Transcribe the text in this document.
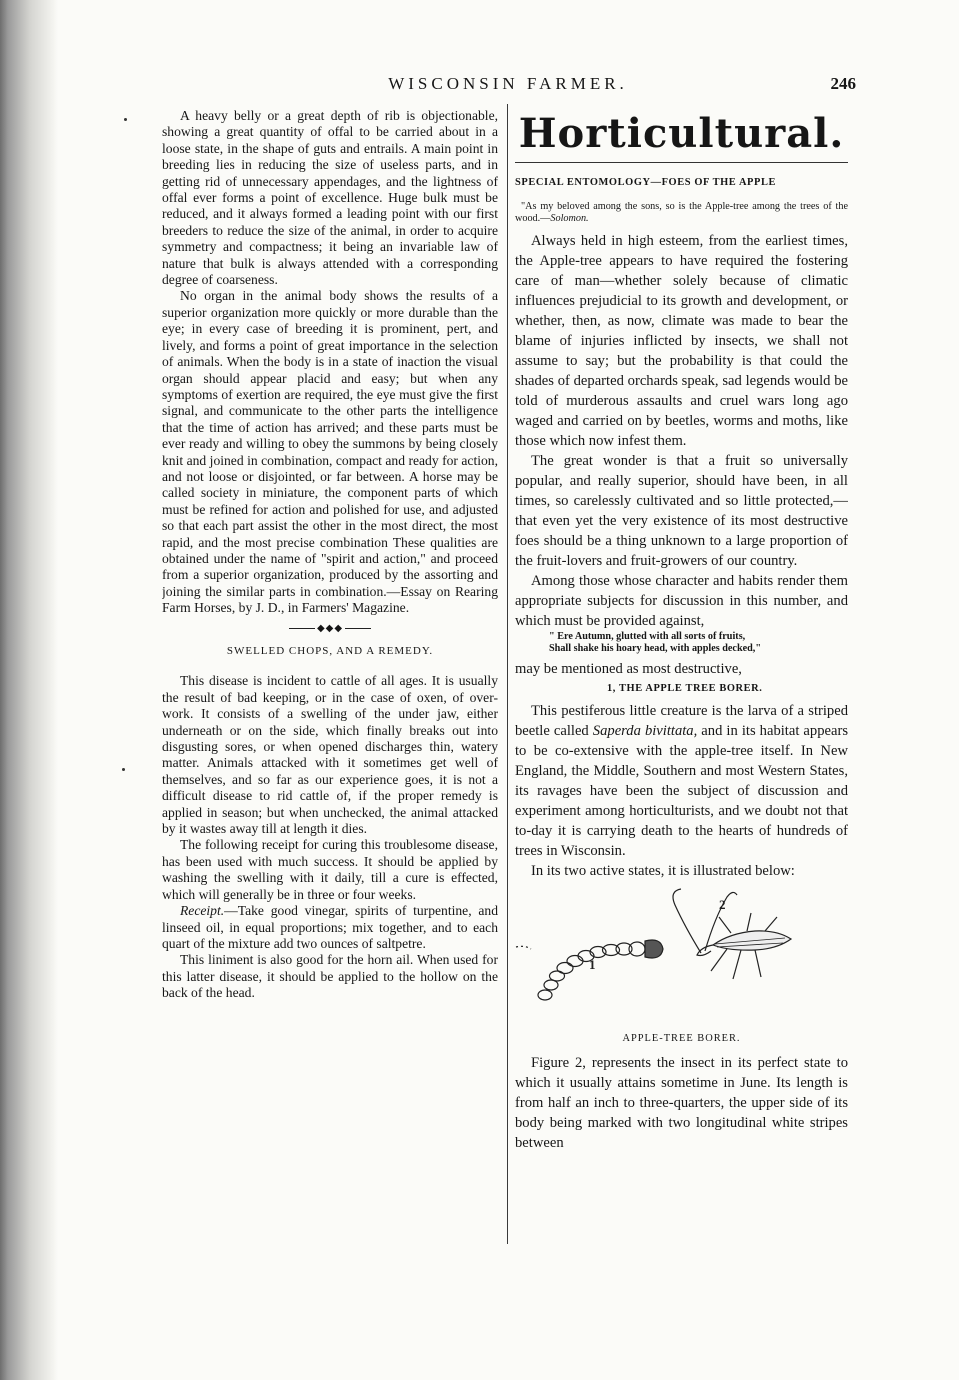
WISCONSIN FARMER.	246

A heavy belly or a great depth of rib is objectionable, showing a great quantity of offal to be carried about in a loose state, in the shape of guts and entrails. A main point in breeding lies in reducing the size of useless parts, and in getting rid of unnecessary appendages, and the lightness of offal ever forms a point of excellence. Huge bulk must be reduced, and it always formed a leading point with our first breeders to reduce the size of the animal, in order to acquire symmetry and compactness; it being an invariable law of nature that bulk is always attended with a corresponding degree of coarseness.

No organ in the animal body shows the results of a superior organization more quickly or more durable than the eye; in every case of breeding it is prominent, pert, and lively, and forms a point of great importance in the selection of animals. When the body is in a state of inaction the visual organ should appear placid and easy; but when any symptoms of exertion are required, the eye must give the first signal, and communicate to the other parts the intelligence that the time of action has arrived; and these parts must be ever ready and willing to obey the summons by being closely knit and joined in combination, compact and ready for action, and not loose or disjointed, or far between. A horse may be called society in miniature, the component parts of which must be refined for action and polished for use, and adjusted so that each part assist the other in the most direct, the most rapid, and the most precise combination These qualities are obtained under the name of "spirit and action," and proceed from a superior organization, produced by the assorting and joining the similar parts in combination.—Essay on Rearing Farm Horses, by J. D., in Farmers' Magazine.

◆◆◆
SWELLED CHOPS, AND A REMEDY.

This disease is incident to cattle of all ages. It is usually the result of bad keeping, or in the case of oxen, of over-work. It consists of a swelling of the under jaw, either underneath or on the side, which finally breaks out into disgusting sores, or when opened discharges thin, watery matter. Animals attacked with it sometimes get well of themselves, and so far as our experience goes, it is not a difficult disease to rid cattle of, if the proper remedy is applied in season; but when unchecked, the animal attacked by it wastes away till at length it dies.

The following receipt for curing this troublesome disease, has been used with much success. It should be applied by washing the swelling with it daily, till a cure is effected, which will generally be in three or four weeks.

Receipt.—Take good vinegar, spirits of turpentine, and linseed oil, in equal proportions; mix together, and to each quart of the mixture add two ounces of saltpetre.

This liniment is also good for the horn ail. When used for this latter disease, it should be applied to the hollow on the back of the head.

Horticultural.
SPECIAL ENTOMOLOGY—FOES OF THE APPLE
"As my beloved among the sons, so is the Apple-tree among the trees of the wood.—Solomon.

Always held in high esteem, from the earliest times, the Apple-tree appears to have required the fostering care of man—whether solely because of climatic influences prejudicial to its growth and development, or whether, then, as now, climate was made to bear the blame of injuries inflicted by insects, we shall not assume to say; but the probability is that could the shades of departed orchards speak, sad legends would be told of murderous assaults and cruel wars long ago waged and carried on by beetles, worms and moths, like those which now infest them.

The great wonder is that a fruit so universally popular, and really superior, should have been, in all times, so carelessly cultivated and so little protected,—that even yet the very existence of its most destructive foes should be a thing unknown to a large proportion of the fruit-lovers and fruit-growers of our country.

Among those whose character and habits render them appropriate subjects for discussion in this number, and which must be provided against,

" Ere Autumn, glutted with all sorts of fruits,
Shall shake his hoary head, with apples decked,"

may be mentioned as most destructive,

1, THE APPLE TREE BORER.

This pestiferous little creature is the larva of a striped beetle called Saperda bivittata, and in its habitat appears to be co-extensive with the apple-tree itself. In New England, the Middle, Southern and most Western States, its ravages have been the subject of discussion and experiment among horticulturists, and we doubt not that to-day it is carrying death to the hearts of hundreds of trees in Wisconsin.

In its two active states, it is illustrated below:

1
2
APPLE-TREE BORER.

Figure 2, represents the insect in its perfect state to which it usually attains sometime in June. Its length is from half an inch to three-quarters, the upper side of its body being marked with two longitudinal white stripes between
